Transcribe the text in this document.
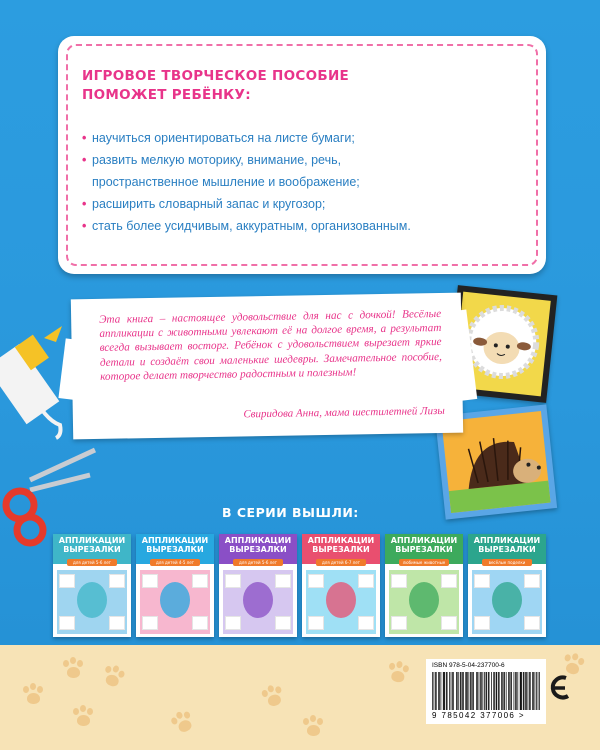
ИГРОВОЕ ТВОРЧЕСКОЕ ПОСОБИЕ
ПОМОЖЕТ РЕБЁНКУ:
• научиться ориентироваться на листе бумаги;
• развить мелкую моторику, внимание, речь,
пространственное мышление и воображение;
• расширить словарный запас и кругозор;
• стать более усидчивым, аккуратным, организованным.
Эта книга – настоящее удовольствие для нас с дочкой! Весёлые аппликации с животными увлекают её на долгое время, а результат всегда вызывает восторг. Ребёнок с удовольствием вырезает яркие детали и создаёт свои маленькие шедевры. Замечательное пособие, которое делает творчество радостным и полезным!
Свиридова Анна, мама шестилетней Лизы
В СЕРИИ ВЫШЛИ:
АППЛИКАЦИИ ВЫРЕЗАЛКИ
для детей 5-6 лет
АППЛИКАЦИИ ВЫРЕЗАЛКИ
для детей 4-5 лет
АППЛИКАЦИИ ВЫРЕЗАЛКИ
для детей 5-6 лет
АППЛИКАЦИИ ВЫРЕЗАЛКИ
для детей 6-7 лет
АППЛИКАЦИИ ВЫРЕЗАЛКИ
любимые животные
АППЛИКАЦИИ ВЫРЕЗАЛКИ
весёлые поделки
ISBN 978-5-04-237700-6
9 785042 377006 >
